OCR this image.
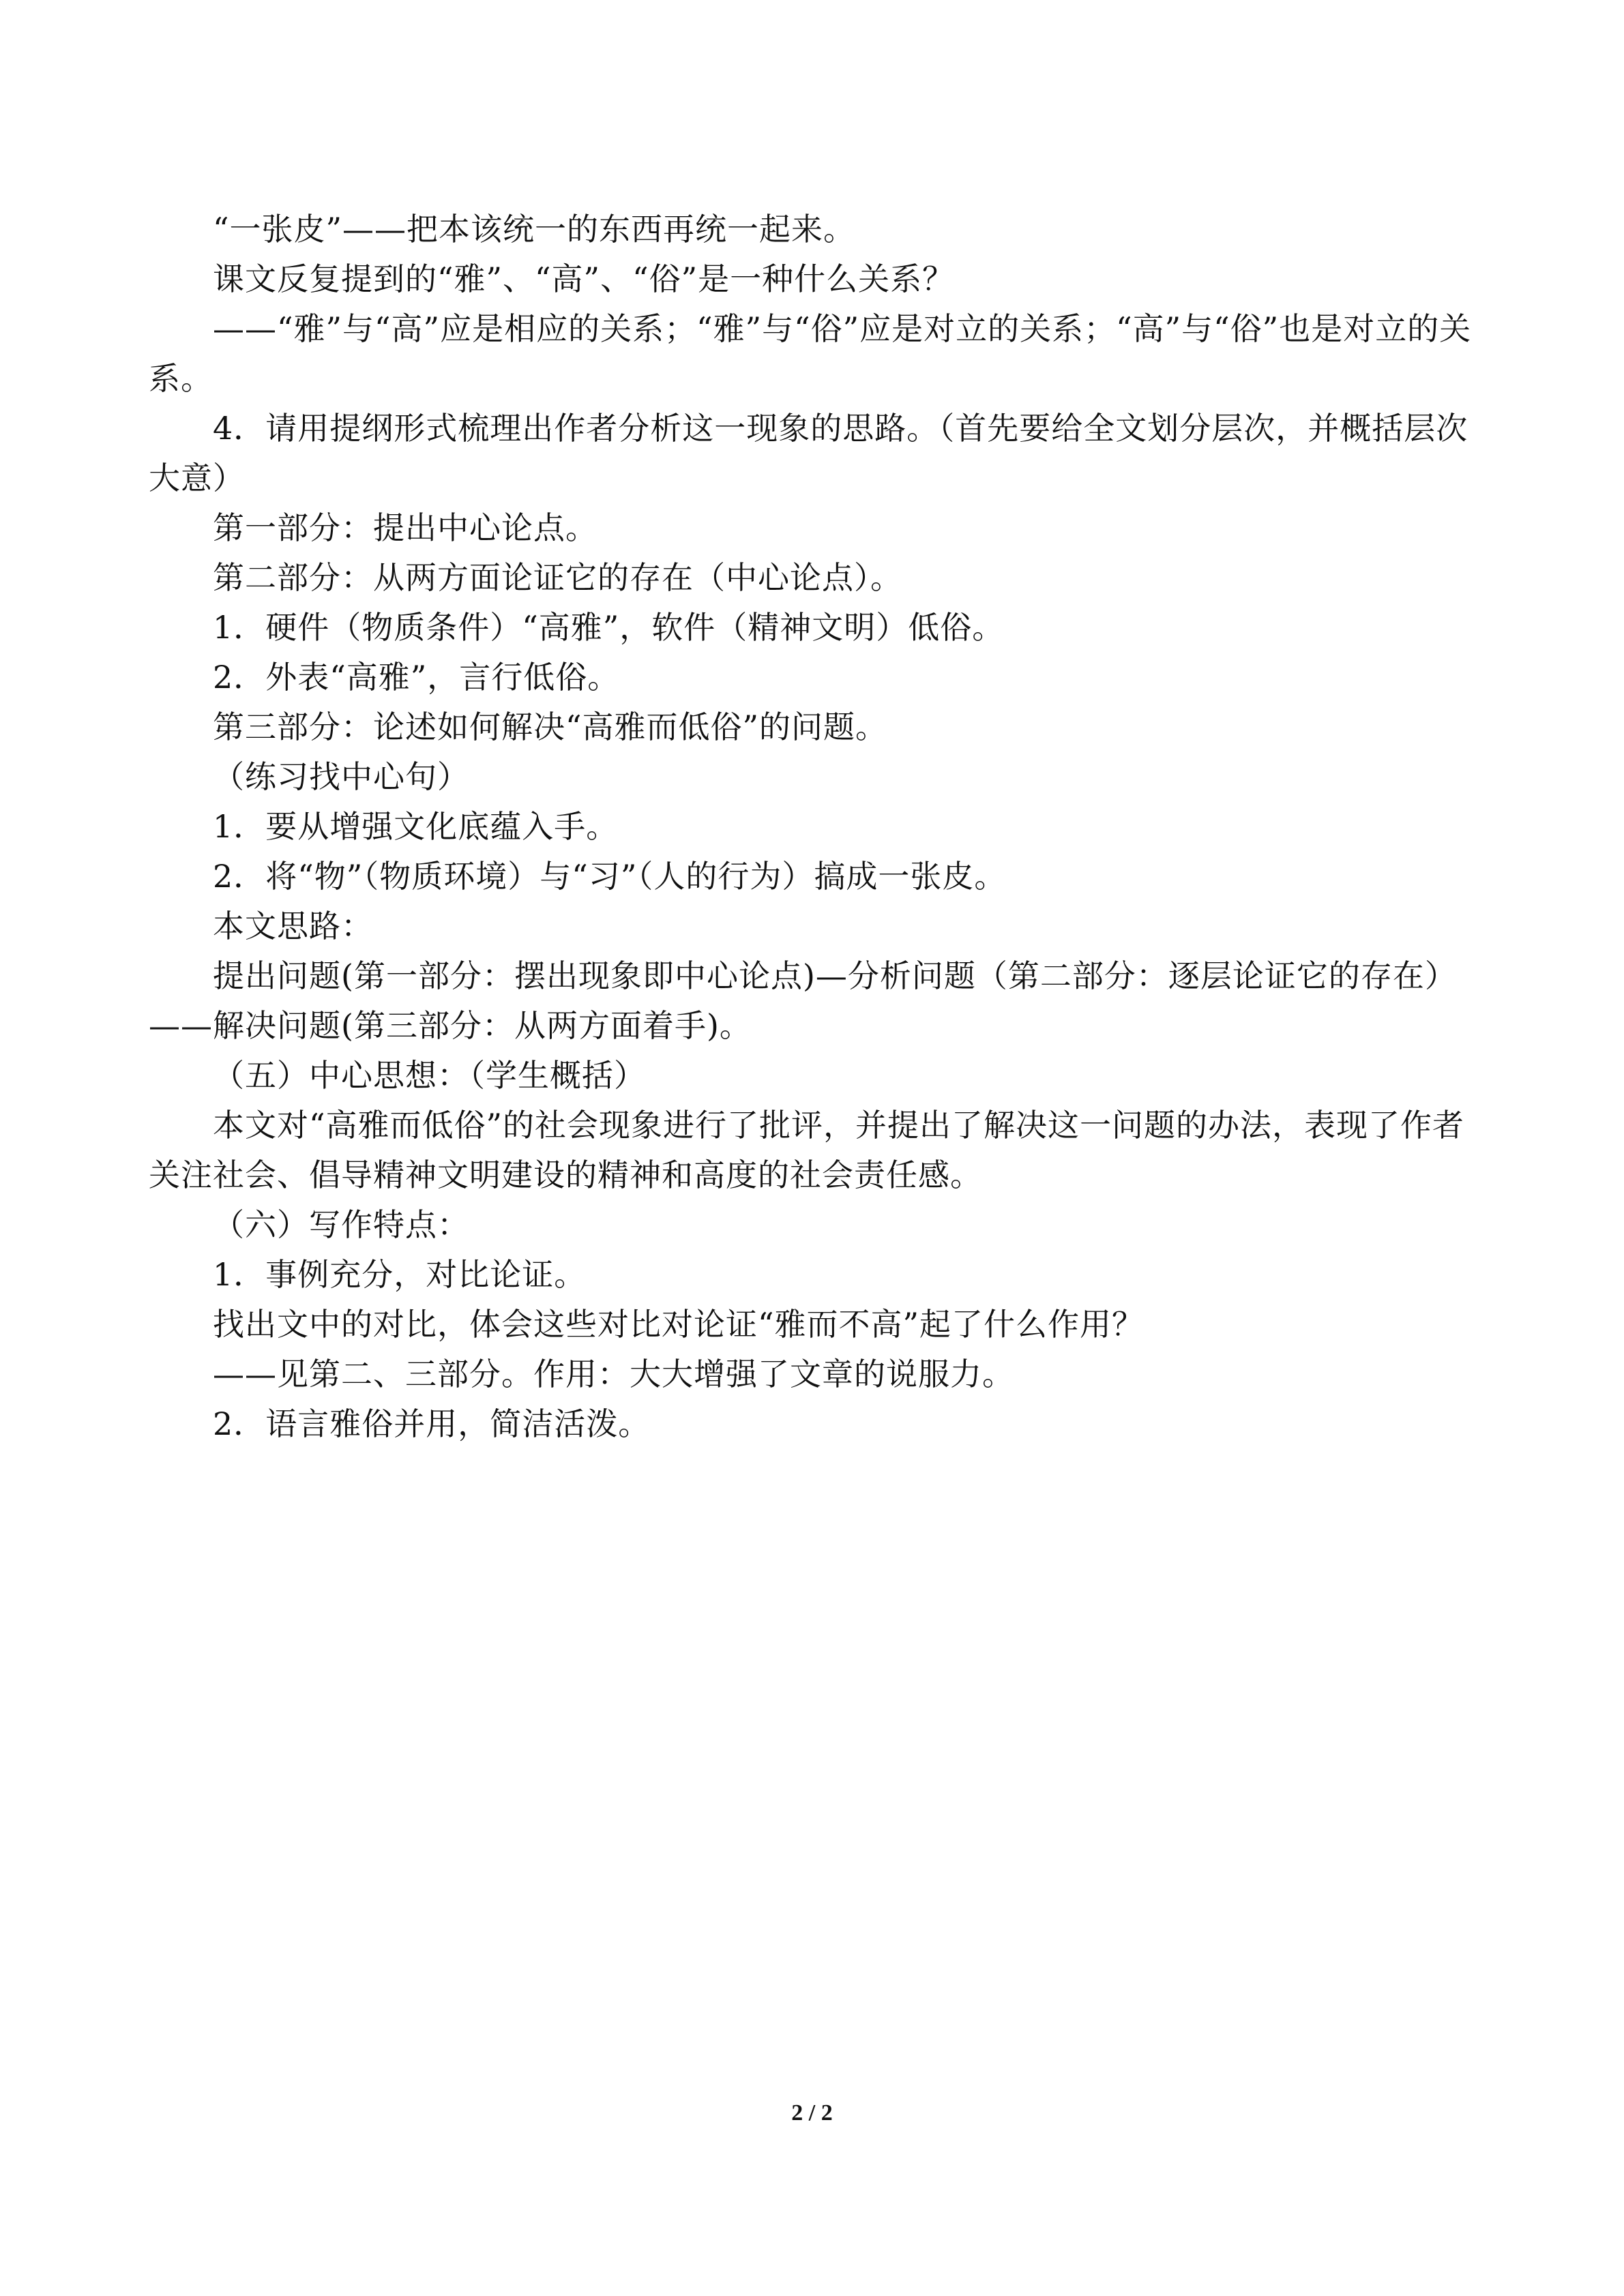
“一张皮”——把本该统一的东西再统一起来。

课文反复提到的“雅”、“高”、“俗”是一种什么关系？

——“雅”与“高”应是相应的关系；“雅”与“俗”应是对立的关系；“高”与“俗”也是对立的关系。

4．请用提纲形式梳理出作者分析这一现象的思路。（首先要给全文划分层次，并概括层次大意）

第一部分：提出中心论点。

第二部分：从两方面论证它的存在（中心论点）。

1．硬件（物质条件）“高雅”，软件（精神文明）低俗。

2．外表“高雅”，言行低俗。

第三部分：论述如何解决“高雅而低俗”的问题。

（练习找中心句）

1．要从增强文化底蕴入手。

2．将“物”（物质环境）与“习”（人的行为）搞成一张皮。

本文思路：

提出问题(第一部分：摆出现象即中心论点)—分析问题（第二部分：逐层论证它的存在）——解决问题(第三部分：从两方面着手)。

（五）中心思想：（学生概括）

本文对“高雅而低俗”的社会现象进行了批评，并提出了解决这一问题的办法，表现了作者关注社会、倡导精神文明建设的精神和高度的社会责任感。

（六）写作特点：

1．事例充分，对比论证。

找出文中的对比，体会这些对比对论证“雅而不高”起了什么作用？

——见第二、三部分。作用：大大增强了文章的说服力。

2．语言雅俗并用，简洁活泼。

2 / 2
